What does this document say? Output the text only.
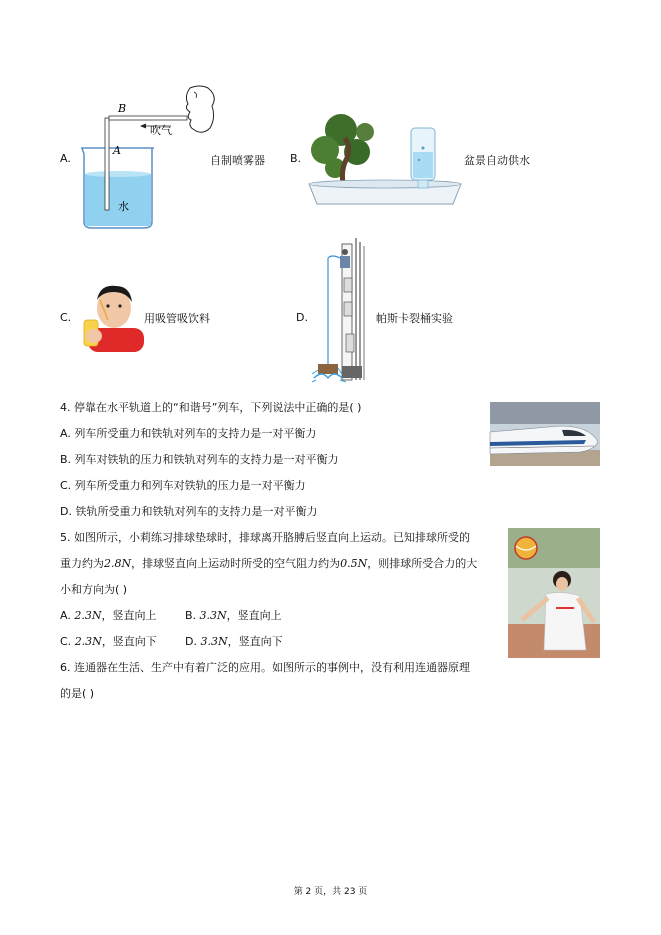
A.
B
A
吹气
水
自制喷雾器 B.	盆景自动供水
C.	用吸管吸饮料	D.	帕斯卡裂桶实验
4. 停靠在水平轨道上的“和谐号”列车，下列说法中正确的是( )
A. 列车所受重力和铁轨对列车的支持力是一对平衡力
B. 列车对铁轨的压力和铁轨对列车的支持力是一对平衡力
C. 列车所受重力和列车对铁轨的压力是一对平衡力
D. 铁轨所受重力和铁轨对列车的支持力是一对平衡力
5. 如图所示，小莉练习排球垫球时，排球离开胳膊后竖直向上运动。已知排球所受的
重力约为2.8N，排球竖直向上运动时所受的空气阻力约为0.5N，则排球所受合力的大
小和方向为( )
A. 2.3N，竖直向上	B. 3.3N，竖直向上
C. 2.3N，竖直向下	D. 3.3N，竖直向下
6. 连通器在生活、生产中有着广泛的应用。如图所示的事例中，没有利用连通器原理
的是( )
第 2 页，共 23 页
